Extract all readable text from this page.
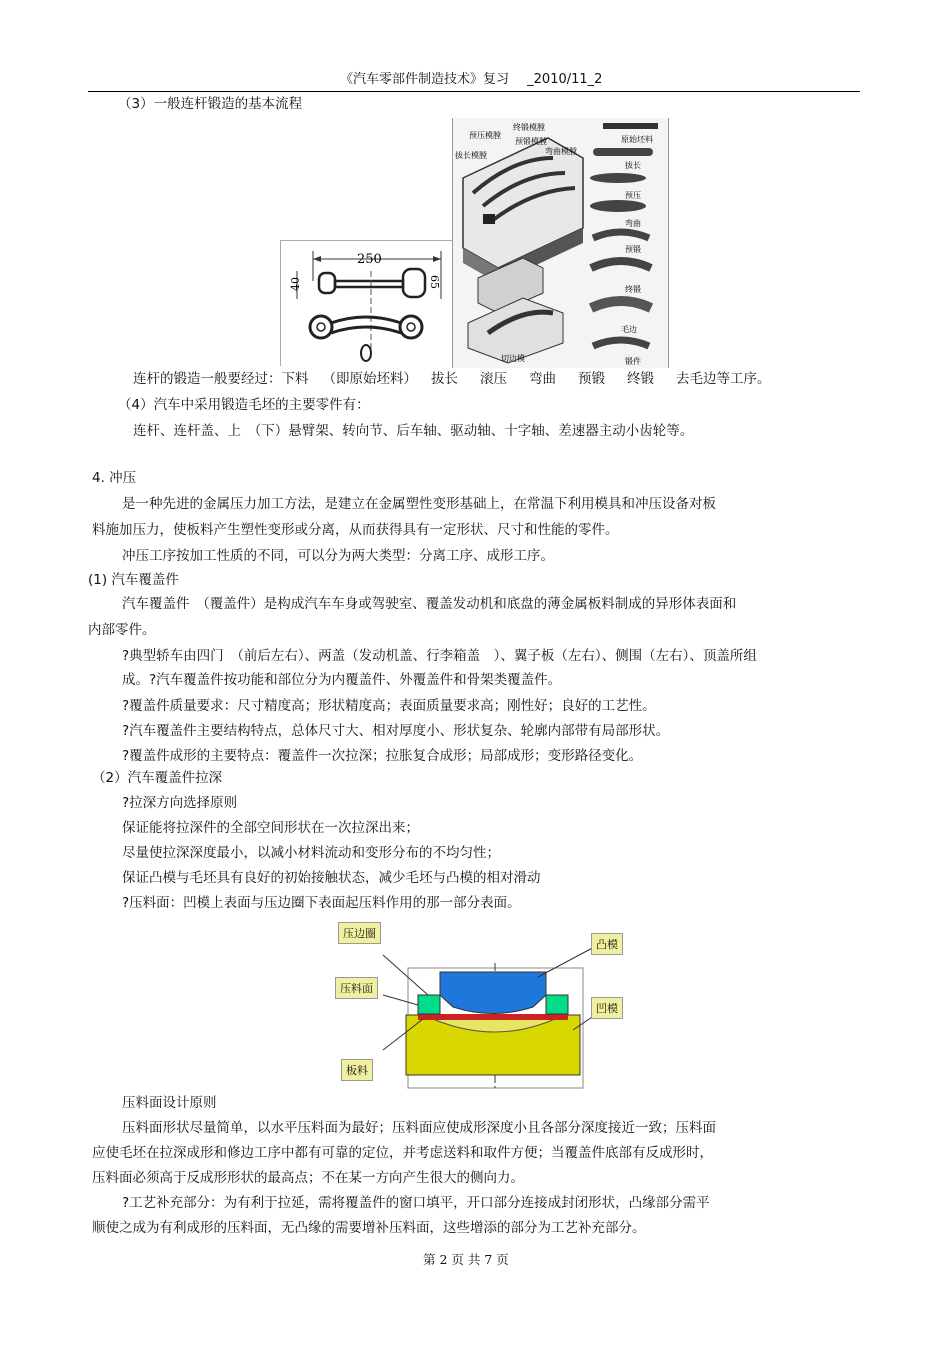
《汽车零部件制造技术》复习 _2010/11_2
（3）一般连杆锻造的基本流程
250
40	65
预压模膛
终锻模膛
预锻模膛
弯曲模膛
拔长模膛
切边模
原始坯料
拔长
预压
弯曲
预锻
终锻
毛边
锻件
连杆的锻造一般要经过：下料 （即原始坯料） 拔长 滚压 弯曲 预锻 终锻 去毛边等工序。
（4）汽车中采用锻造毛坯的主要零件有：
连杆、连杆盖、上　（下）悬臂架、转向节、后车轴、驱动轴、十字轴、差速器主动小齿轮等。
4. 冲压
是一种先进的金属压力加工方法，是建立在金属塑性变形基础上，在常温下利用模具和冲压设备对板
料施加压力，使板料产生塑性变形或分离，从而获得具有一定形状、尺寸和性能的零件。
冲压工序按加工性质的不同，可以分为两大类型：分离工序、成形工序。
(1) 汽车覆盖件
汽车覆盖件　（覆盖件）是构成汽车车身或驾驶室、覆盖发动机和底盘的薄金属板料制成的异形体表面和
内部零件。
?典型轿车由四门　（前后左右）、两盖（发动机盖、行李箱盖　）、翼子板（左右）、侧围（左右）、顶盖所组
成。?汽车覆盖件按功能和部位分为内覆盖件、外覆盖件和骨架类覆盖件。
?覆盖件质量要求：尺寸精度高；形状精度高；表面质量要求高；刚性好；良好的工艺性。
?汽车覆盖件主要结构特点，总体尺寸大、相对厚度小、形状复杂、轮廓内部带有局部形状。
?覆盖件成形的主要特点：覆盖件一次拉深；拉胀复合成形；局部成形；变形路径变化。
（2）汽车覆盖件拉深
?拉深方向选择原则
保证能将拉深件的全部空间形状在一次拉深出来；
尽量使拉深深度最小，以减小材料流动和变形分布的不均匀性；
保证凸模与毛坯具有良好的初始接触状态，减少毛坯与凸模的相对滑动
?压料面：凹模上表面与压边圈下表面起压料作用的那一部分表面。
压边圈
凸模
压料面
凹模
板料
压料面设计原则
压料面形状尽量简单，以水平压料面为最好；压料面应使成形深度小且各部分深度接近一致；压料面
应使毛坯在拉深成形和修边工序中都有可靠的定位，并考虑送料和取件方便；当覆盖件底部有反成形时，
压料面必须高于反成形形状的最高点；不在某一方向产生很大的侧向力。
?工艺补充部分：为有利于拉延，需将覆盖件的窗口填平，开口部分连接成封闭形状，凸缘部分需平
顺使之成为有利成形的压料面，无凸缘的需要增补压料面，这些增添的部分为工艺补充部分。
第 2 页 共 7 页
